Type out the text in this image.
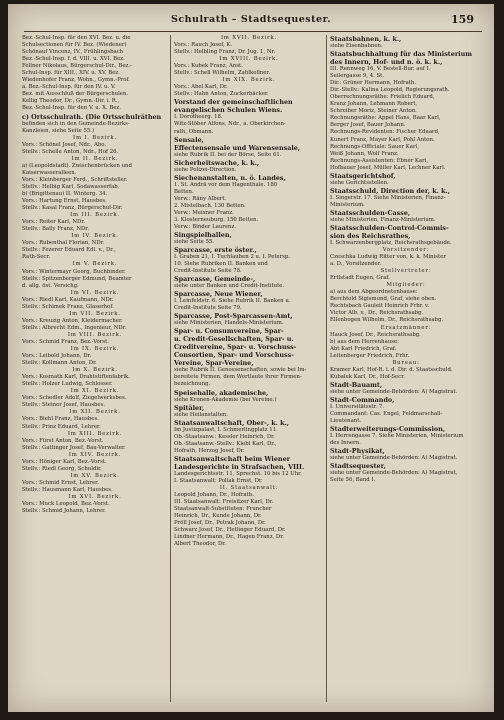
Schulrath – Stadtsequester.	159
Bez.-Schul-Insp. für den XVI. Bez. u. die
Schulsectionen für IV. Bez. (Wiedener)
Schönauf Vincenz, IV., Frühlingsbach
Bez.-Schul-Insp. f. d. VIII. u. XVI. Bez.
Fellner Nikolaus, Bürgerschul-Dir., Bez.-
Schul-Insp. für XIII., XIV. u. XV. Bez.
Wiedenhofer Franz, Wohn., Gymn.-Prof.
a. Bez.-Schul-Insp. für den IV. u. V.
Bez. mit Ausschluß der Bürgerschulen.
Kellig Theodor, Dr., Gymn.-Dir. i. R.,
Bez.-Schul-Insp. für den V. u. X. Bez.
c) Ortsschulrath. (Die Ortsschulräthen
befinden sich in den Gemeinde-Bezirks-
Kanzleien, siehe Seite 55.)
Im I. Bezirk.
Vors.: Schönel Josef, Ndr., Abo.
Stellv.: Schelle Anton, Ndr., Hof 26.
Im II. Bezirk.
a) (Leopoldstadt). Zwischenbrücken und
Kaiserwasseralleen.
Vors.: Kleinberger Ferd., Schriftsteller.
Stellv.: Helbig Karl, Sodawasserfab.
b) (Brigittenau) II. Winterg. 34.
Vors.: Hartung Ernst, Hausbes.
Stellv.: Kasal Franz, Bürgerschul-Dir.
Im III. Bezirk.
Vors.: Reiter Karl, NDr.
Stellv.: Bally Franz, NDr.
Im IV. Bezirk.
Vors.: Rubenthal Florian, NDr.
Stellv.: Fezerer Eduard Edl. v., Dr.,
Rath-Secr.
Im V. Bezirk.
Vors.: Wintermayr Georg, Buchbinder.
Stellv.: Spitzenberger Edmund, Beamter
d. allg. öst. Versichg.
Im VI. Bezirk.
Vors.: Riedl Karl, Kaufmann, NDr.
Stellv.: Schimek Franz, Glaserhof.
Im VII. Bezirk.
Vors.: Kreuzig Anton, Kleidermacher.
Stellv.: Albrecht Edm., Ingenieur, NDr.
Im VIII. Bezirk.
Vors.: Schmid Franz, Bez.-Vorst.
Im IX. Bezirk.
Vors.: Leibold Johann, Dr.
Stellv.: Kollmann Anton, Dr.
Im X. Bezirk.
Vors.: Kosmath Karl, Drahtstiftenfabrik.
Stellv.: Holzer Ludwig, Schlosser.
Im XI. Bezirk.
Vors.: Schedler Adolf, Ziegelwerksbes.
Stellv.: Steiner Josef, Hausbes.
Im XII. Bezirk.
Vors.: Biehl Franz, Hausbes.
Stellv.: Prinz Eduard, Lehrer.
Im XIII. Bezirk.
Vors.: Fürst Anton, Bez.-Vorst.
Stellv.: Gattinger Josef, Bau-Verwalter.
Im XIV. Bezirk.
Vors.: Höniger Karl, Bez.-Vorst.
Stellv.: Riedl Georg, Schuldir.
Im XV. Bezirk.
Vors.: Schmid Ernst, Lehrer.
Stellv.: Hausmann Karl, Hausbes.
Im XVI. Bezirk.
Vors.: Muck Leopold, Bez.-Vorst.
Stellv.: Schmid Johann, Lehrer.
Im XVII. Bezirk.
Vors.: Rauch Josef, K.
Stellv.: Helbling Franz, Dr. Jug. 1, Nr.
Im XVIII. Bezirk.
Vors.: Kubek Franz, Anst.
Stellv.: Schell Wilhelm, Zahlkellner.
Im XIX. Bezirk.
Vors.: Abel Karl, Dr.
Stellv.: Hahn Anton, Zuckerbäcker.
Vorstand der gemeinschaftlichen
evangelischen Schulen Wiens.
I. Dorotheerg. 18.
Witz-Stöber Alfons, Ndr., a. Oberkirchen-
rath, Obmann.
Sensale,
Effectensensale und Warensensale,
siehe Rubrik II. bei der Börse, Seite 61.
Sicherheitswache, k. k.,
siehe Polizei-Direction.
Siechenanstalten, n. ö. Landes,
1. St. Andrä vor dem Hagenthale. 180
Betten.
Verw.: Räny Albert.
2. Mistelbach. 130 Betten.
Verw.: Meixner Franz.
3. Klosterneuburg. 150 Betten.
Verw.: Binder Laurenz.
Singspielhallen,
siehe Seite 55.
Sparcasse, erste öster.,
I. Graben 21, I. Tuchlauben 2 u. I. Petersp.
10. Siehe Rubriken II. Banken und
Credit-Institute Seite 78.
Sparcasse, Gemeinde-,
siehe unter Banken und Credit-Institute.
Sparcasse, Neue Wiener,
I. Leinfeldstr. 6. Siehe Rubrik II. Banken u.
Credit-Institute Seite 79.
Sparcasse, Post-Sparcassen-Amt,
siehe Ministerien, Handels-Ministerium.
Spar- u. Consumvereine, Spar-
u. Credit-Gesellschaften, Spar- u.
Creditvereine, Spar- u. Vorschuss-
Consortien, Spar- und Vorschuss-
Vereine, Spar-Vereine,
siehe Rubrik II. Genossenschaften, sowie bei Im-
bereitete Firmen, dem Wortlaute ihrer Firmen-
bezeichnung.
Speisehalle, akademische,
siehe Kronen-Akademie (bei Vereine.)
Spitäler,
siehe Heilanstalten.
Staatsanwaltschaft, Ober-, k. k.,
Im Justizpalast, I. Schmerlingplatz 11.
Ob.-Staatsanw.: Kessler Heinrich, Dr.
Ob.-Staatsanw.-Stellv.: Kiebl Karl, Dr.,
Hofrath, Herzog Josef, Dr.
Staatsanwaltschaft beim Wiener
Landesgerichte in Strafsachen, VIII.
Landesgerichtsstr. 11, Sprechst. 10 bis 12 Uhr.
I. Staatsanwalt: Pollak Ernst, Dr.
II. Staatsanwalt:
Leopold Johann, Dr., Hofrath.
III. Staatsanwalt: Freisitzer Karl, Dr.
Staatsanwalt-Substituten: Fruncher
Heinrich, Dr., Kunde Johann, Dr.
Pröll Josef, Dr., Petrak Johann, Dr.
Schwarz Josef, Dr., Hetlinger Eduard, Dr.
Lindner Hermann, Dr., Hagen Franz, Dr.
Albert Theodor, Dr.
Staatsbahnen, k. k.,
siehe Eisenbahnen.
Staatsbuchhaltung für das Ministerium
des Innern, Hof- und n. ö. k. k.,
III. Rennweg 16, V. Bestell-Bur. auf I.
Seilergasse 9, 4. St.
Dir.: Grüner Hermann, Hofrath.
Dir.-Stellv.: Kalina Leopold, Regierungsrath.
Oberrechnungsräthe: Frielich Eduard,
Kranz Johann, Lehmann Robert,
Schreiber Moriz, Steiner Anton.
Rechnungsräthe: Appel Hans, Baar Karl,
Berger Josef, Bauer Johann.
Rechnungs-Revidenten: Fischer Eduard,
Kunert Franz, Mayer Karl, Pohl Anton.
Rechnungs-Officiale: Sauer Karl,
Weiß Johann, Wolf Franz.
Rechnungs-Assistenten: Ebner Karl,
Hofbauer Josef, Müller Karl, Lechner Karl.
Staatsgerichtshof,
siehe Gerichtsstellen.
Staatsschuld, Direction der, k. k.,
I. Singerstr. 17. Siehe Ministerien, Finanz-
Ministerium.
Staatsschulden-Casse,
siehe Ministerien, Finanz-Ministerium.
Staatsschulden-Control-Commis-
sion des Reichsrathes,
I. Schwarzenbergplatz, Reichsrathsgebäude.
Vorsitzender:
Czeschka Ludwig Ritter von, k. k. Minister
a. D., Vorsitzender.
Stellvertreter:
Ertlstadt Eugen, Graf.
Mitglieder:
a) aus dem Abgeordnetenhause:
Berchtold Sigismund, Graf, siehe oben.
Rechtsbach Gauleit Heinrich Frhr. v.
Victor Alb. v., Dr., Reichsrathsabg.
Ellenbogen Wilhelm, Dr., Reichsrathsabg.
Ersatzmänner:
Hauck Josef, Dr., Reichsrathsabg.
b) aus dem Herrenhause:
Abt Karl Friedrich, Graf.
Leitenberger Friedrich, Frhr.
Bureau:
Kramer Karl, Hof-R. i. d. Dir. d. Staatsschuld.
Kubalek Karl, Dr., Hof-Secr.
Stadt-Bauamt,
siehe unter Gemeinde-Behörden: A) Magistrat.
Stadt-Commando,
I. Universitätsstr. 7.
Commandant: Cas. Engel, Feldmarschall-
Lieutenant.
Stadterweiterungs-Commission,
I. Herrengasse 7. Siehe Ministerien, Ministerium
des Innern.
Stadt-Physikat,
siehe unter Gemeinde-Behörden: A) Magistrat.
Stadtsequester,
siehe unter Gemeinde-Behörden: A) Magistrat,
Seite 56, Band I.
